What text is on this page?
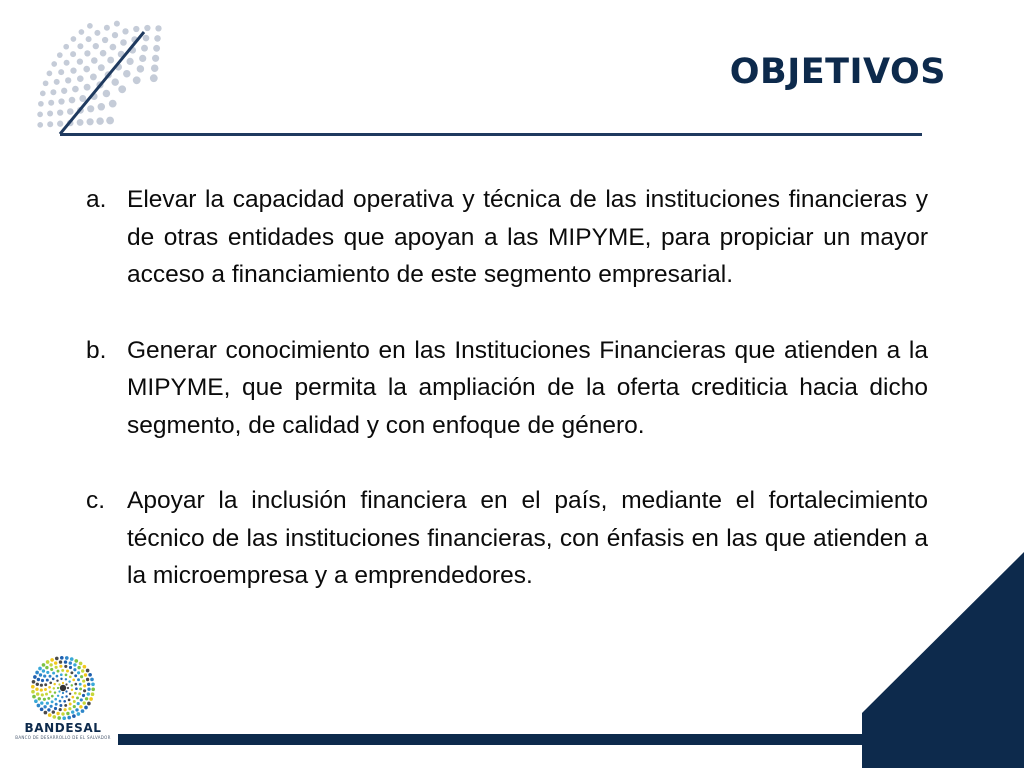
OBJETIVOS
a. Elevar la capacidad operativa y técnica de las instituciones financieras y de otras entidades que apoyan a las MIPYME, para propiciar un mayor acceso a financiamiento de este segmento empresarial.
b. Generar conocimiento en las Instituciones Financieras que atienden a la MIPYME, que permita la ampliación de la oferta crediticia hacia dicho segmento, de calidad y con enfoque de género.
c. Apoyar la inclusión financiera en el país, mediante el fortalecimiento técnico de las instituciones financieras, con énfasis en las que atienden a la microempresa y a emprendedores.
BANDESAL
BANCO DE DESARROLLO DE EL SALVADOR
